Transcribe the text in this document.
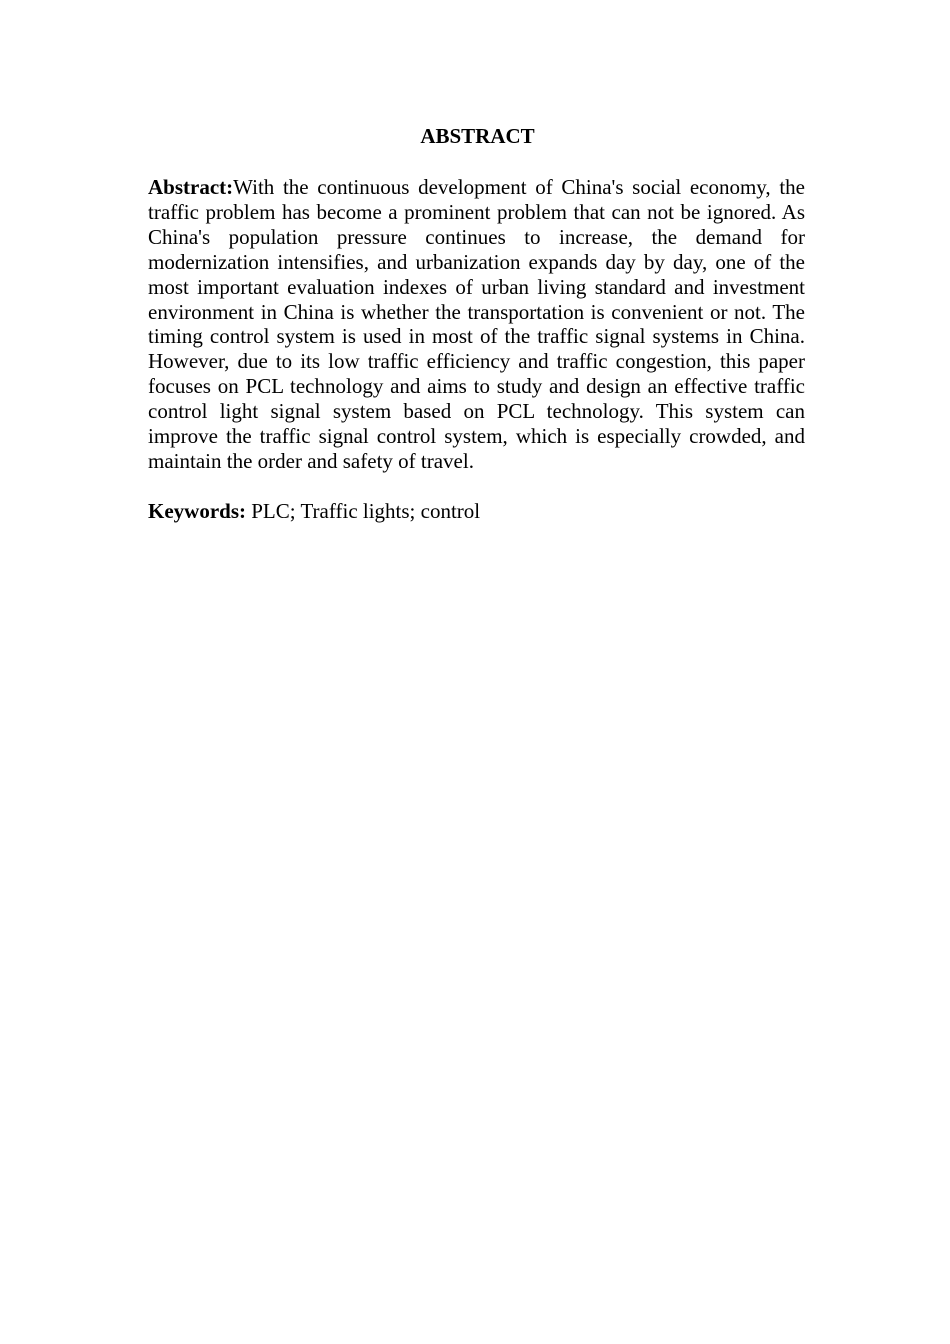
ABSTRACT

Abstract:With the continuous development of China's social economy, the traffic problem has become a prominent problem that can not be ignored. As China's population pressure continues to increase, the demand for modernization intensifies, and urbanization expands day by day, one of the most important evaluation indexes of urban living standard and investment environment in China is whether the transportation is convenient or not. The timing control system is used in most of the traffic signal systems in China. However, due to its low traffic efficiency and traffic congestion, this paper focuses on PCL technology and aims to study and design an effective traffic control light signal system based on PCL technology. This system can improve the traffic signal control system, which is especially crowded, and maintain the order and safety of travel.

Keywords: PLC; Traffic lights; control
